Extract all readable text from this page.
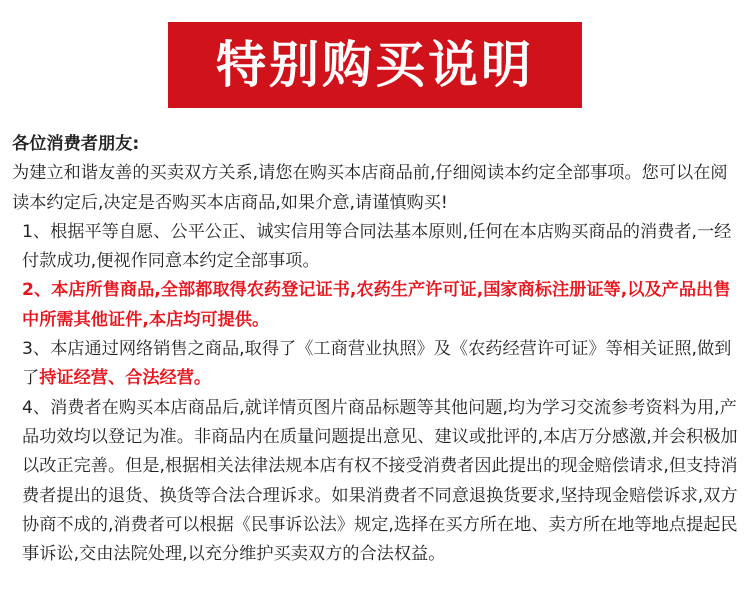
特别购买说明

各位消费者朋友:

为建立和谐友善的买卖双方关系,请您在购买本店商品前,仔细阅读本约定全部事项。您可以在阅读本约定后,决定是否购买本店商品,如果介意,请谨慎购买!

1、根据平等自愿、公平公正、诚实信用等合同法基本原则,任何在本店购买商品的消费者,一经付款成功,便视作同意本约定全部事项。

2、本店所售商品,全部都取得农药登记证书,农药生产许可证,国家商标注册证等,以及产品出售中所需其他证件,本店均可提供。

3、本店通过网络销售之商品,取得了《工商营业执照》及《农药经营许可证》等相关证照,做到了持证经营、合法经营。

4、消费者在购买本店商品后,就详情页图片商品标题等其他问题,均为学习交流参考资料为用,产品功效均以登记为准。非商品内在质量问题提出意见、建议或批评的,本店万分感激,并会积极加以改正完善。但是,根据相关法律法规本店有权不接受消费者因此提出的现金赔偿请求,但支持消费者提出的退货、换货等合法合理诉求。如果消费者不同意退换货要求,坚持现金赔偿诉求,双方协商不成的,消费者可以根据《民事诉讼法》规定,选择在买方所在地、卖方所在地等地点提起民事诉讼,交由法院处理,以充分维护买卖双方的合法权益。
